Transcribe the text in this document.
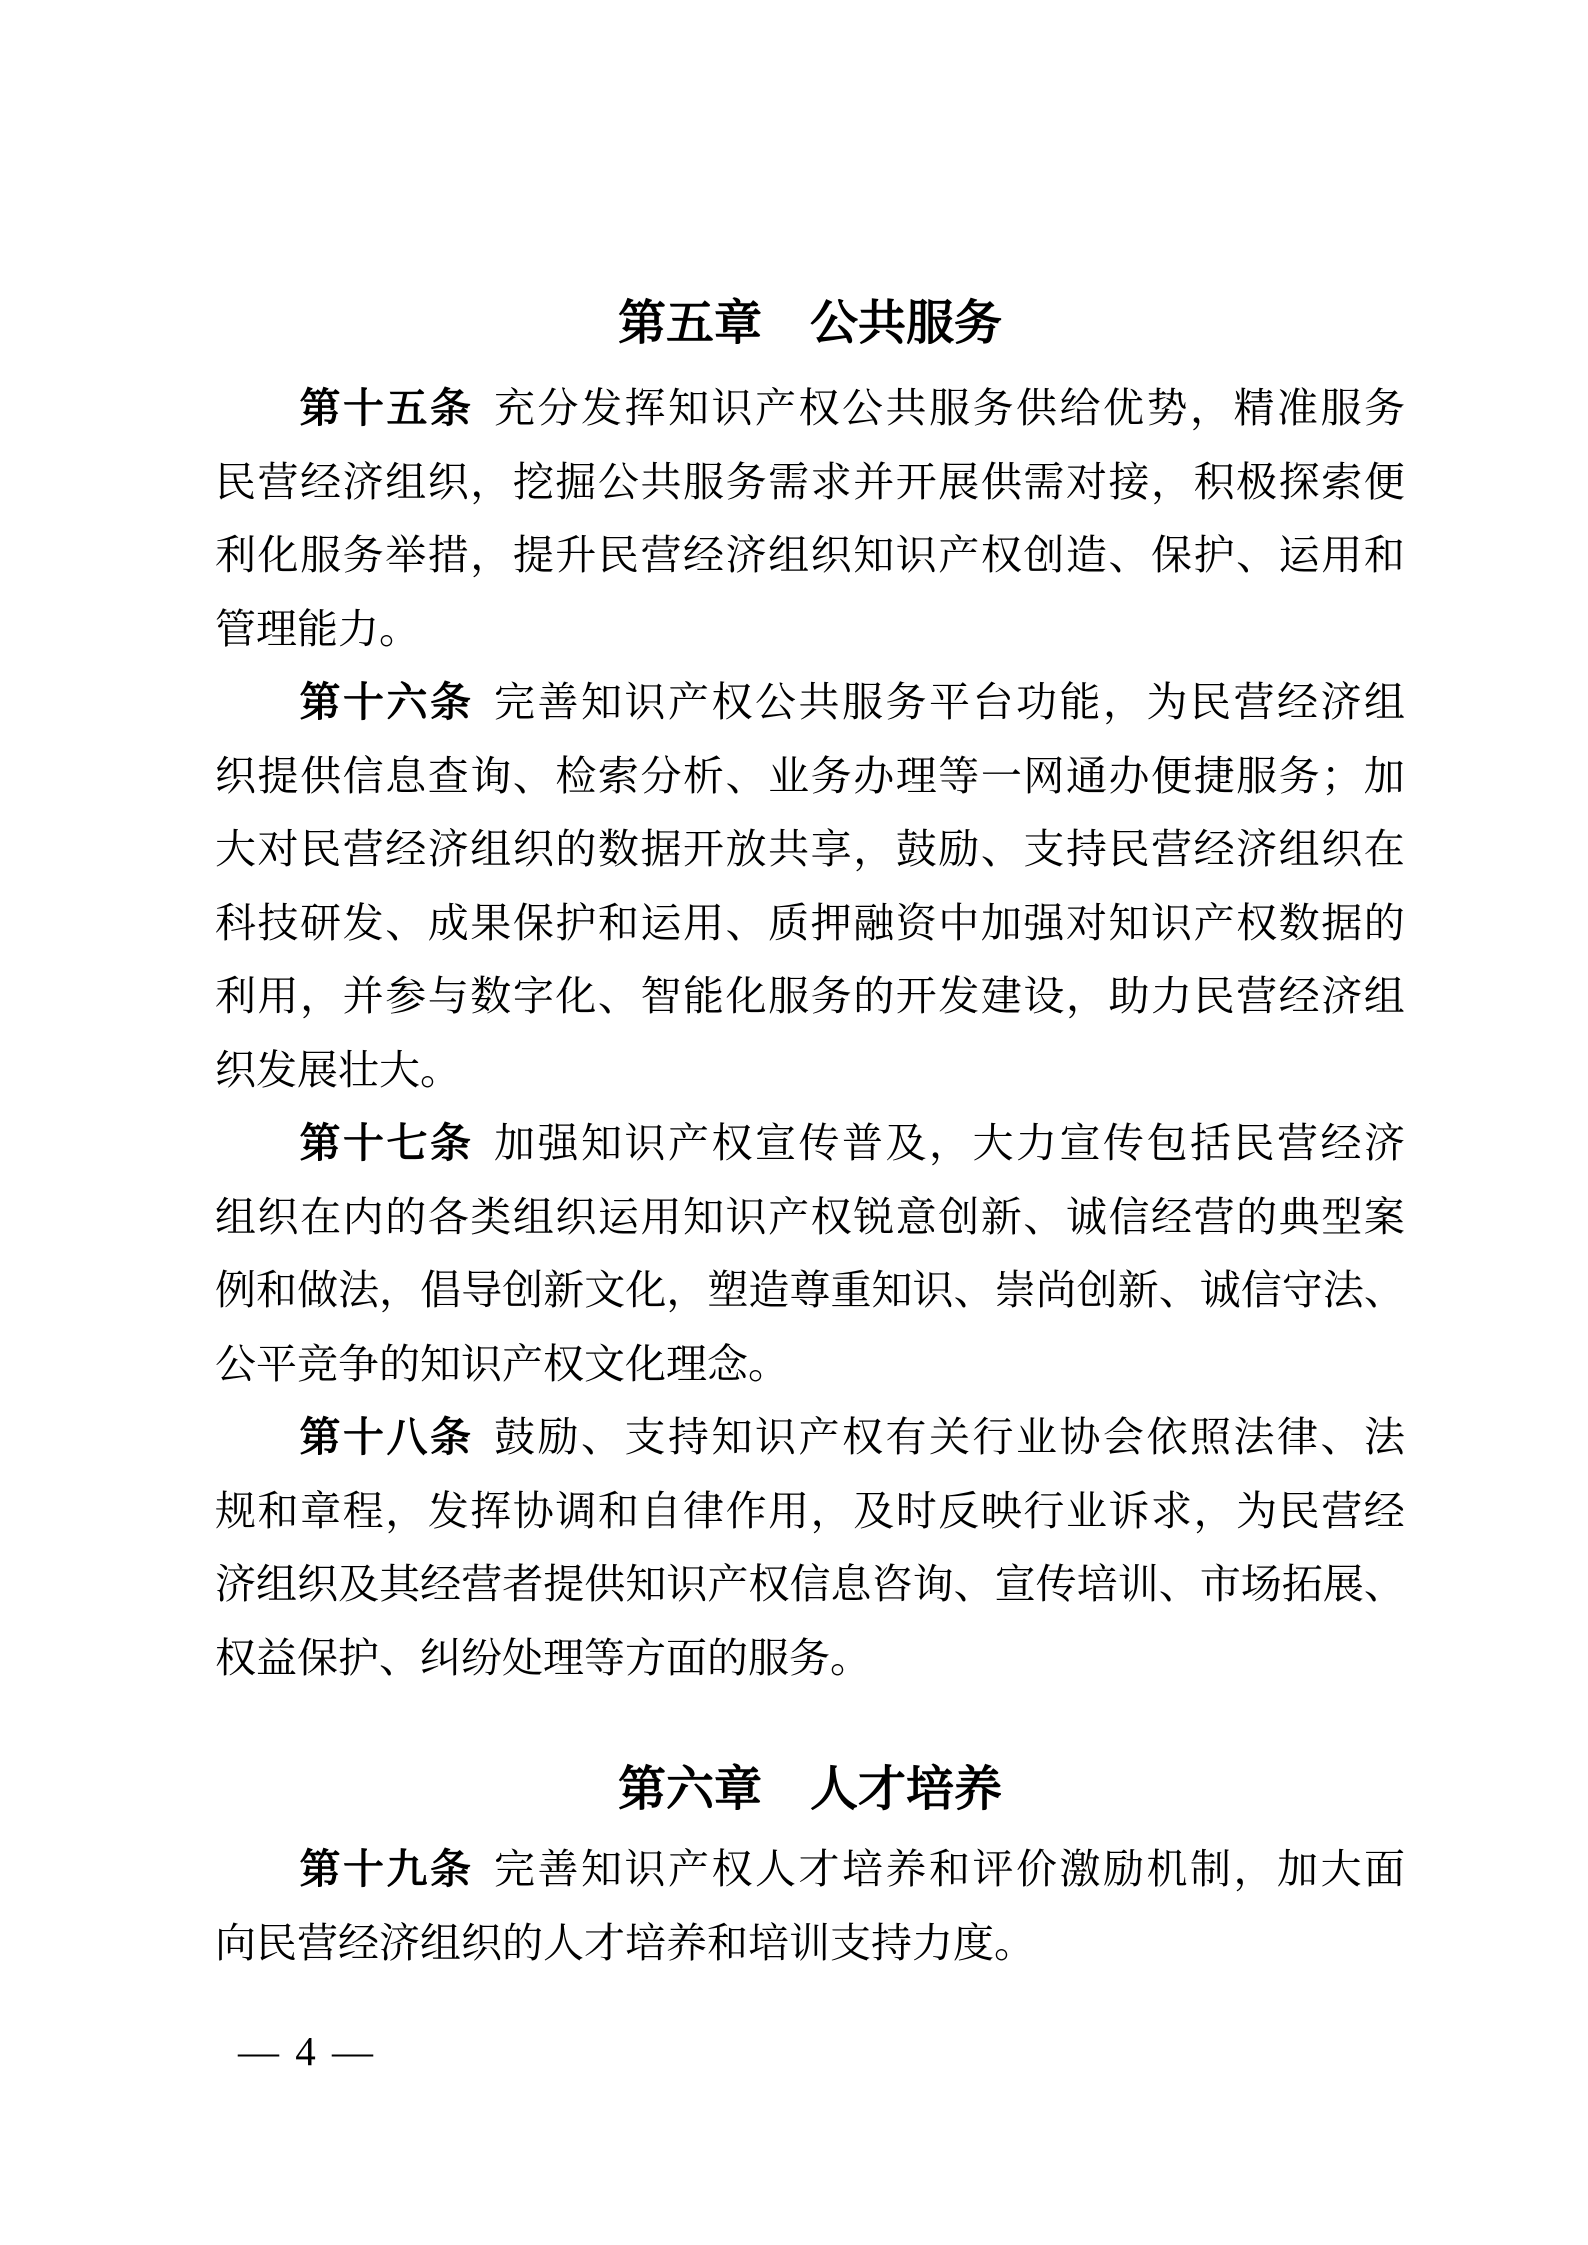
第五章　公共服务
第 十 五 条 充 分 发 挥 知 识 产 权 公 共 服 务 供 给 优 势 ， 精 准 服 务
民 营 经 济 组 织 ， 挖 掘 公 共 服 务 需 求 并 开 展 供 需 对 接 ， 积 极 探 索 便
利 化 服 务 举 措 ， 提 升 民 营 经 济 组 织 知 识 产 权 创 造 、 保 护 、 运 用 和
管理能力。
第 十 六 条 完 善 知 识 产 权 公 共 服 务 平 台 功 能 ， 为 民 营 经 济 组
织 提 供 信 息 查 询 、 检 索 分 析 、 业 务 办 理 等 一 网 通 办 便 捷 服 务 ； 加
大 对 民 营 经 济 组 织 的 数 据 开 放 共 享 ， 鼓 励 、 支 持 民 营 经 济 组 织 在
科 技 研 发 、 成 果 保 护 和 运 用 、 质 押 融 资 中 加 强 对 知 识 产 权 数 据 的
利 用 ， 并 参 与 数 字 化 、 智 能 化 服 务 的 开 发 建 设 ， 助 力 民 营 经 济 组
织发展壮大。
第 十 七 条 加 强 知 识 产 权 宣 传 普 及 ， 大 力 宣 传 包 括 民 营 经 济
组 织 在 内 的 各 类 组 织 运 用 知 识 产 权 锐 意 创 新 、 诚 信 经 营 的 典 型 案
例 和 做 法 ， 倡 导 创 新 文 化 ， 塑 造 尊 重 知 识 、 崇 尚 创 新 、 诚 信 守 法 、
公平竞争的知识产权文化理念。
第 十 八 条 鼓 励 、 支 持 知 识 产 权 有 关 行 业 协 会 依 照 法 律 、 法
规 和 章 程 ， 发 挥 协 调 和 自 律 作 用 ， 及 时 反 映 行 业 诉 求 ， 为 民 营 经
济 组 织 及 其 经 营 者 提 供 知 识 产 权 信 息 咨 询 、 宣 传 培 训 、 市 场 拓 展 、
权益保护、纠纷处理等方面的服务。
第六章　人才培养
第 十 九 条 完 善 知 识 产 权 人 才 培 养 和 评 价 激 励 机 制 ， 加 大 面
向民营经济组织的人才培养和培训支持力度。
— 4 —
